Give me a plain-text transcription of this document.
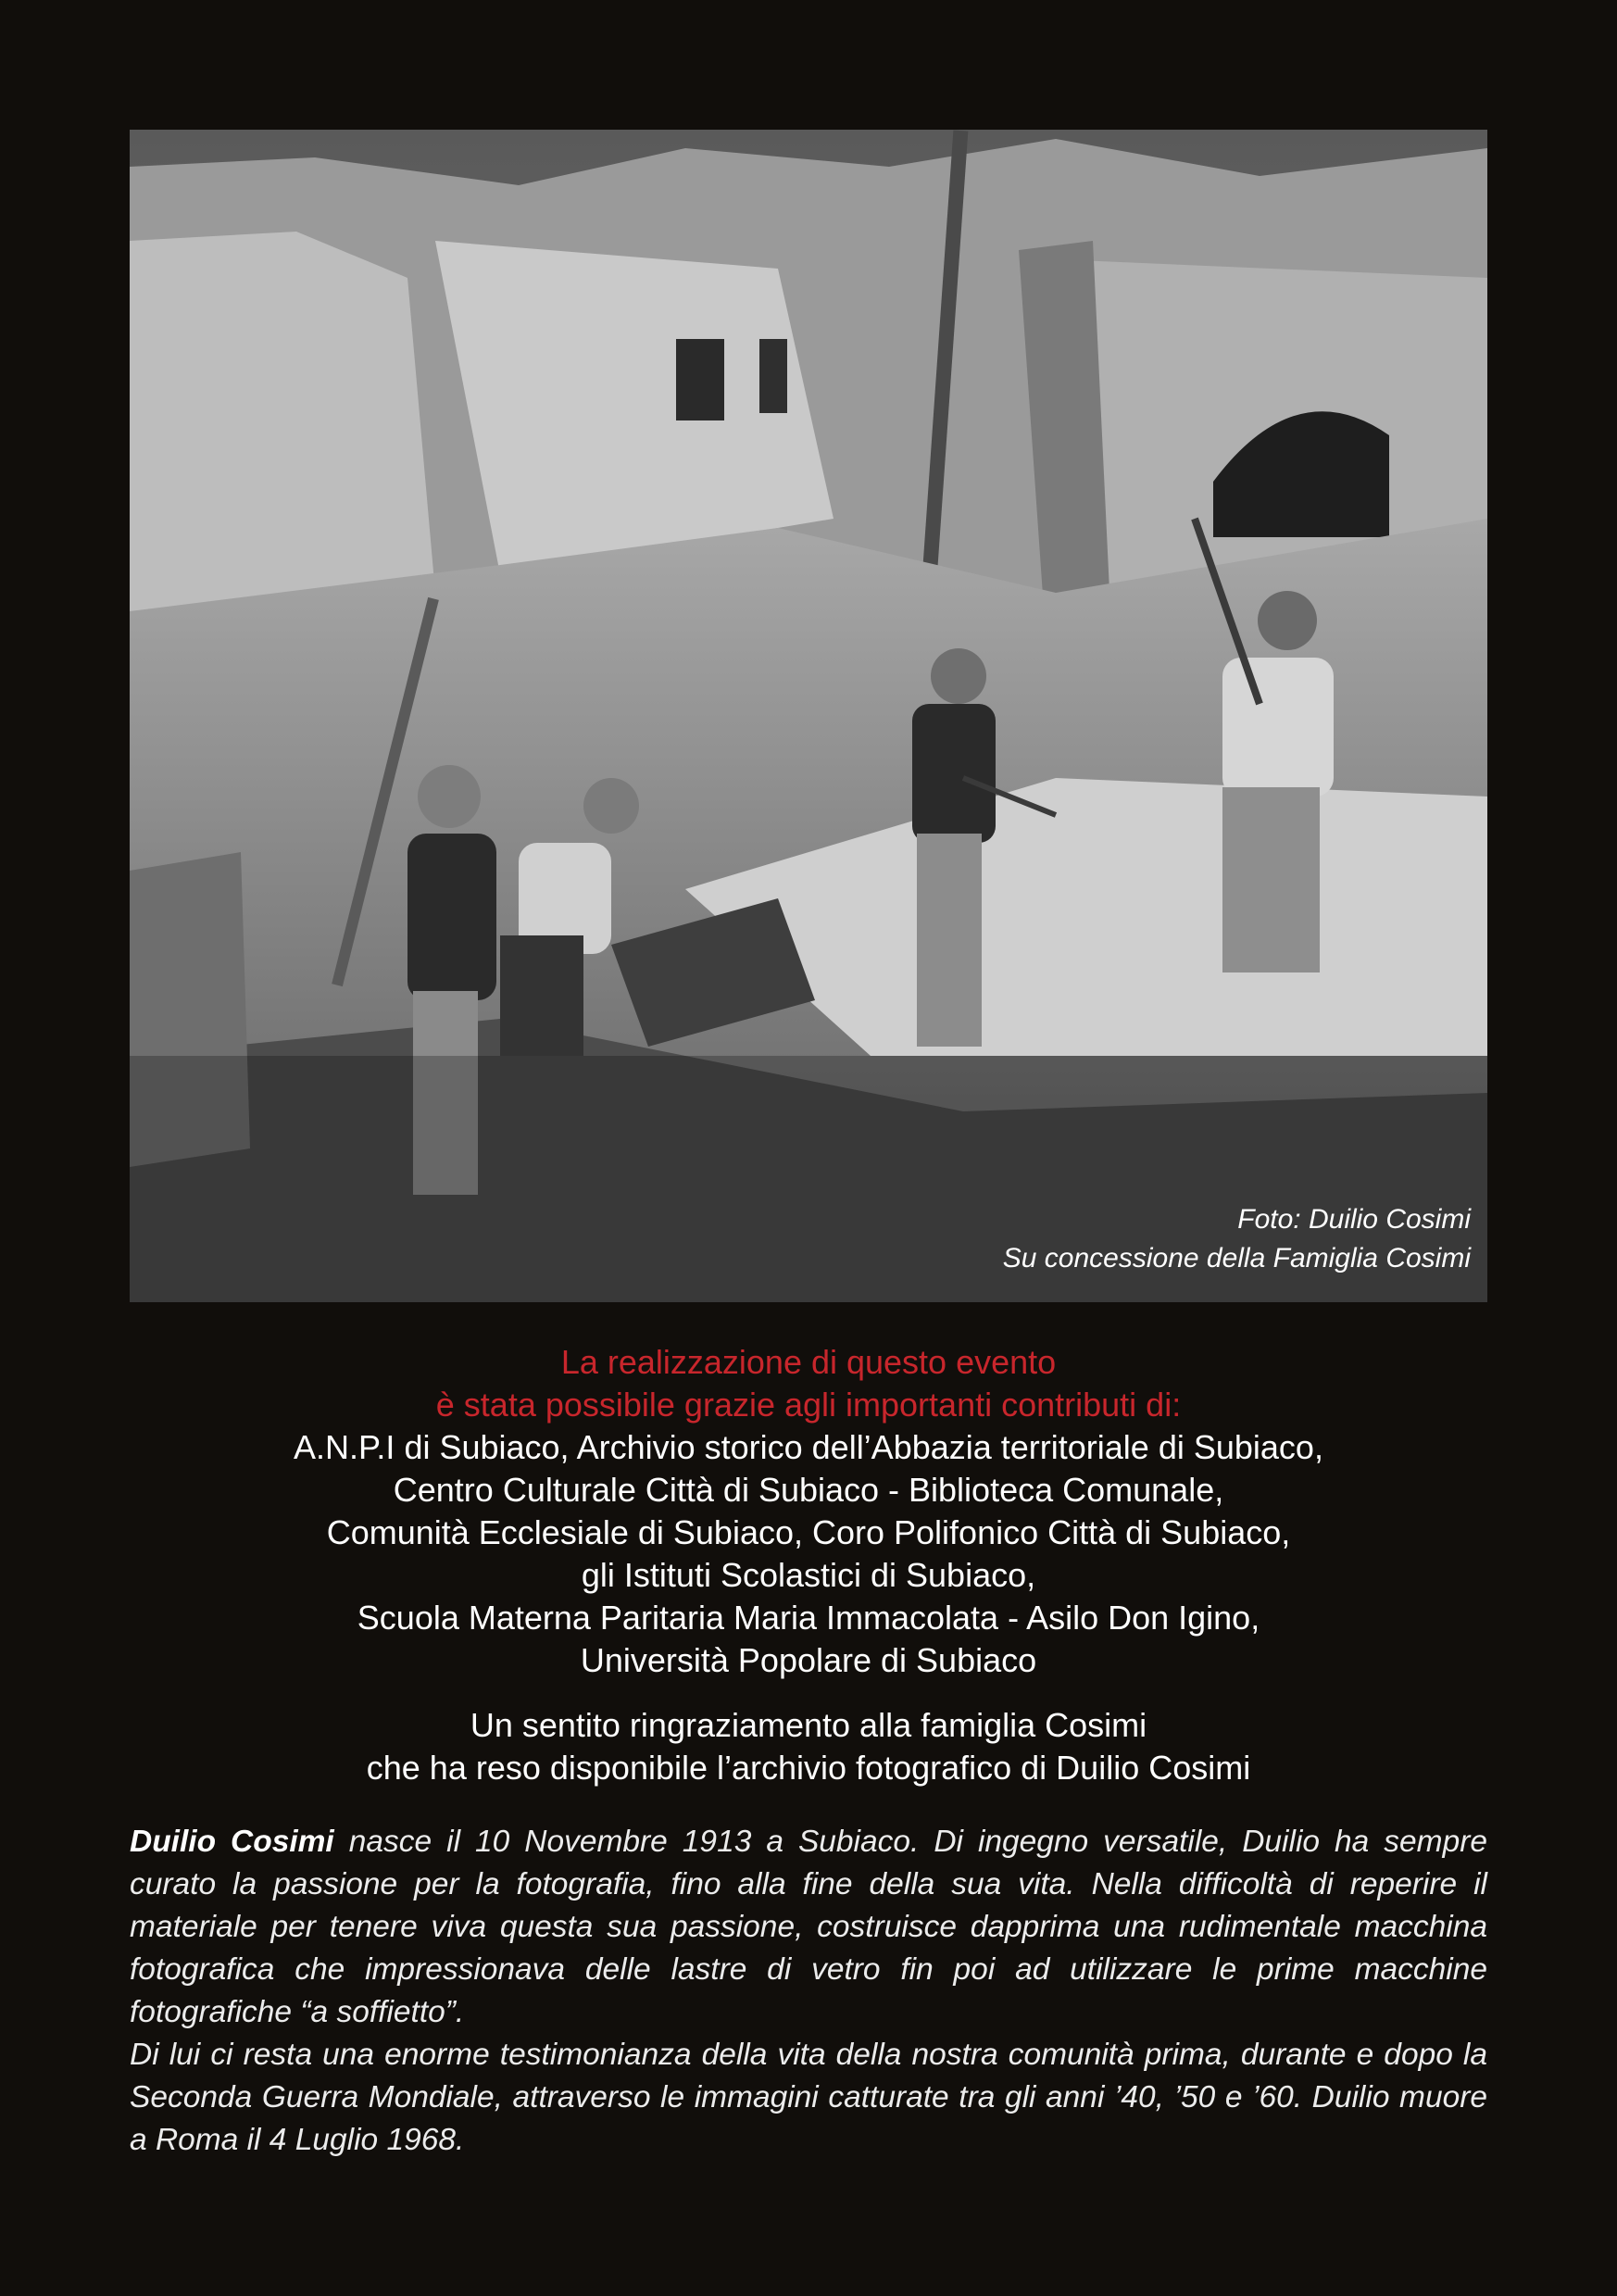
Foto: Duilio Cosimi
Su concessione della Famiglia Cosimi
La realizzazione di questo evento
è stata possibile grazie agli importanti contributi di:
A.N.P.I di Subiaco, Archivio storico dell’Abbazia territoriale di Subiaco,
Centro Culturale Città di Subiaco - Biblioteca Comunale,
Comunità Ecclesiale di Subiaco, Coro Polifonico Città di Subiaco,
gli Istituti Scolastici di Subiaco,
Scuola Materna Paritaria Maria Immacolata - Asilo Don Igino,
Università Popolare di Subiaco
Un sentito ringraziamento alla famiglia Cosimi
che ha reso disponibile l’archivio fotografico di Duilio Cosimi

Duilio Cosimi nasce il 10 Novembre 1913 a Subiaco. Di ingegno versatile, Duilio ha sempre curato la passione per la fotografia, fino alla fine della sua vita. Nella difficoltà di reperire il materiale per tenere viva questa sua passione, costruisce dapprima una rudimentale macchina fotografica che impressionava delle lastre di vetro fin poi ad utilizzare le prime macchine fotografiche “a soffietto”.

Di lui ci resta una enorme testimonianza della vita della nostra comunità prima, durante e dopo la Seconda Guerra Mondiale, attraverso le immagini catturate tra gli anni ’40, ’50 e ’60. Duilio muore a Roma il 4 Luglio 1968.
